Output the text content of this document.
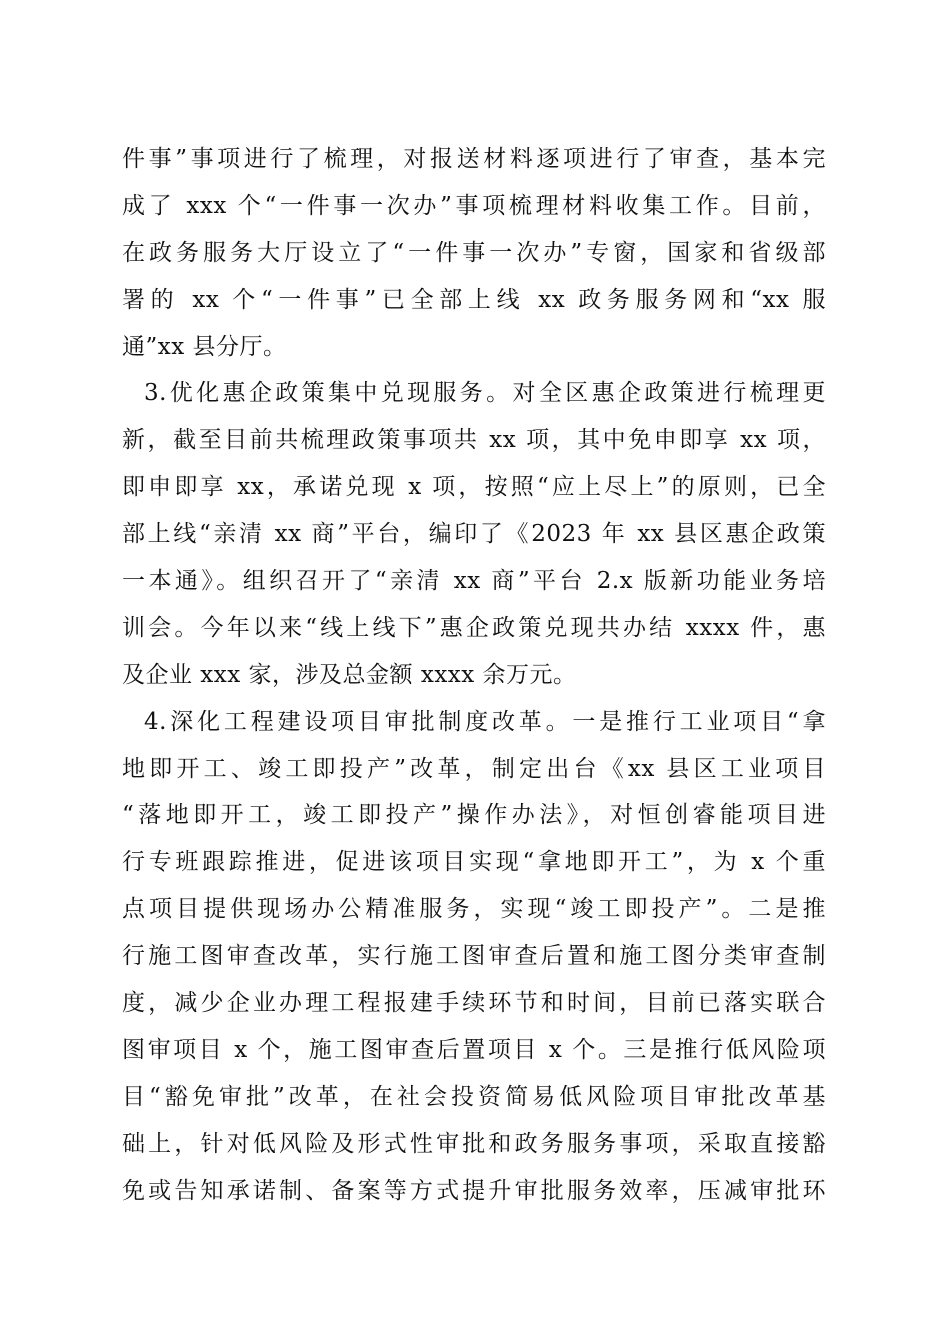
件事”事项进行了梳理，对报送材料逐项进行了审查，基本完
成了 xxx 个“一件事一次办”事项梳理材料收集工作。目前，
在政务服务大厅设立了“一件事一次办”专窗，国家和省级部
署的 xx 个“一件事”已全部上线 xx 政务服务网和“xx 服
通”xx 县分厅。
3.优化惠企政策集中兑现服务。对全区惠企政策进行梳理更
新，截至目前共梳理政策事项共 xx 项，其中免申即享 xx 项，
即申即享 xx，承诺兑现 x 项，按照“应上尽上”的原则，已全
部上线“亲清 xx 商”平台，编印了《2023 年 xx 县区惠企政策
一本通》。组织召开了“亲清 xx 商”平台 2.x 版新功能业务培
训会。今年以来“线上线下”惠企政策兑现共办结 xxxx 件，惠
及企业 xxx 家，涉及总金额 xxxx 余万元。
4.深化工程建设项目审批制度改革。一是推行工业项目“拿
地即开工、竣工即投产”改革，制定出台《xx 县区工业项目
“落地即开工，竣工即投产”操作办法》，对恒创睿能项目进
行专班跟踪推进，促进该项目实现“拿地即开工”，为 x 个重
点项目提供现场办公精准服务，实现“竣工即投产”。二是推
行施工图审查改革，实行施工图审查后置和施工图分类审查制
度，减少企业办理工程报建手续环节和时间，目前已落实联合
图审项目 x 个，施工图审查后置项目 x 个。三是推行低风险项
目“豁免审批”改革，在社会投资简易低风险项目审批改革基
础上，针对低风险及形式性审批和政务服务事项，采取直接豁
免或告知承诺制、备案等方式提升审批服务效率，压减审批环
